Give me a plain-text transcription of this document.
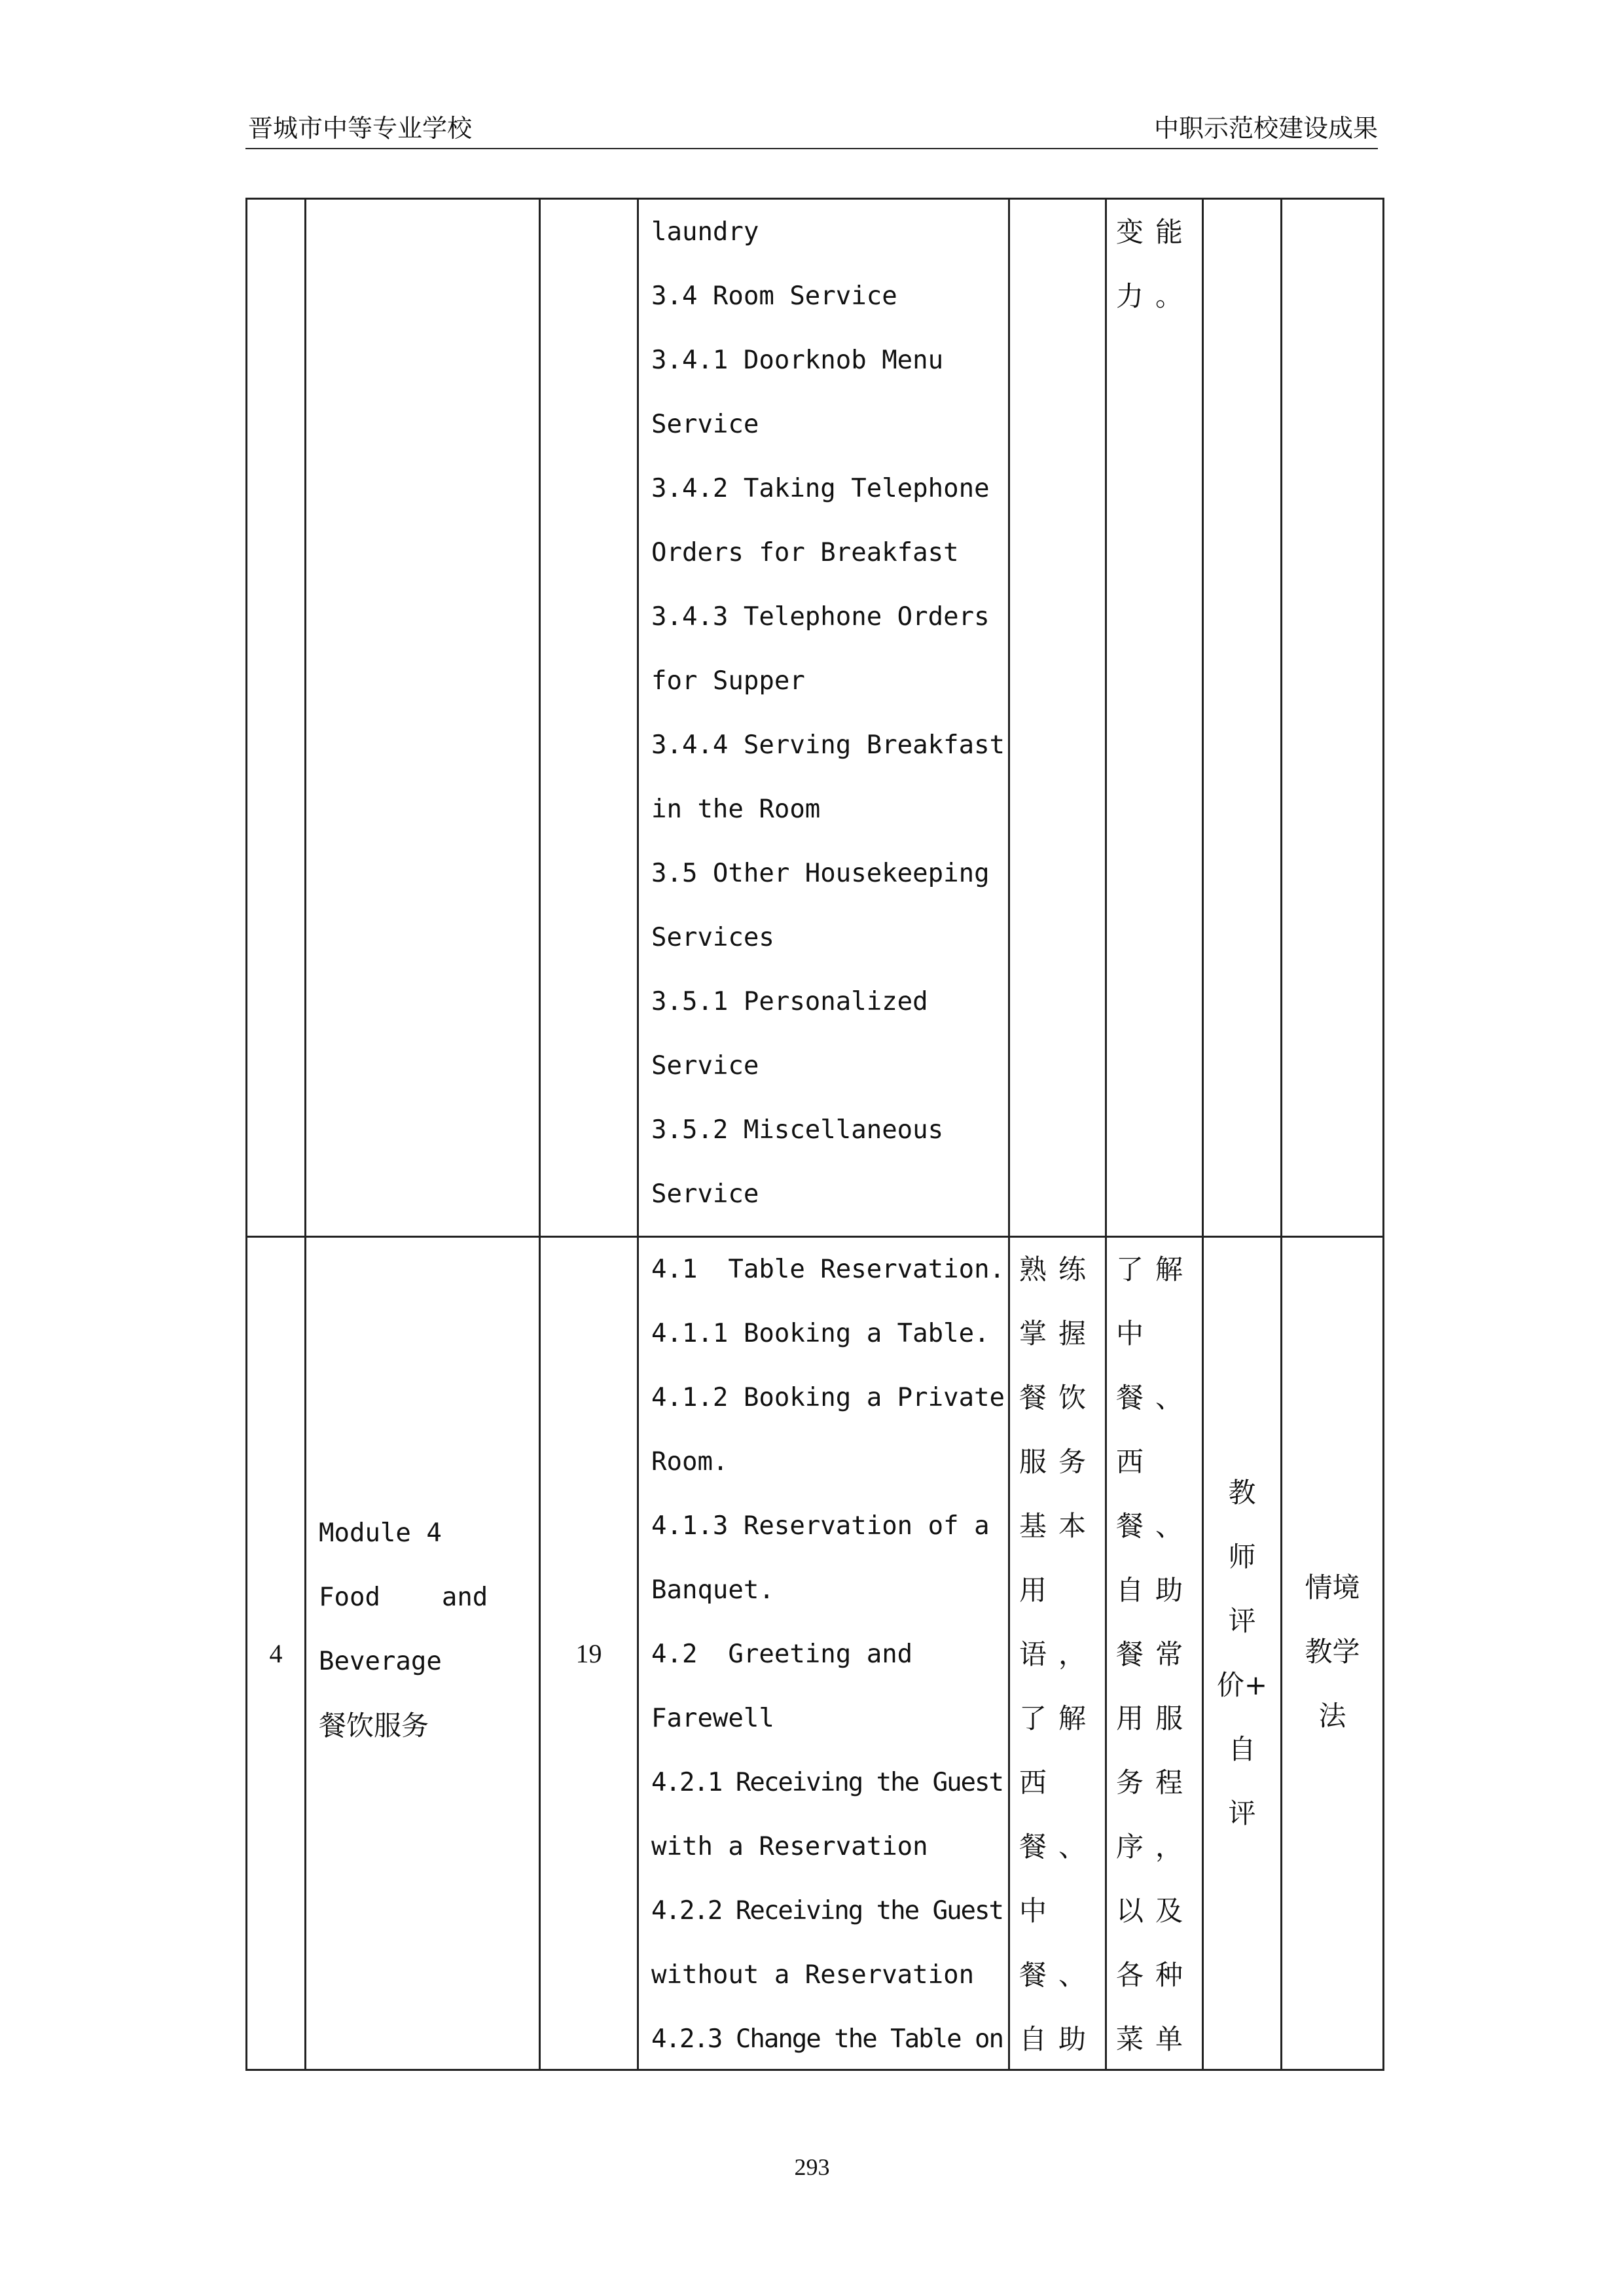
晋城市中等专业学校	中职示范校建设成果
laundry
3.4 Room Service
3.4.1 Doorknob Menu
Service
3.4.2 Taking Telephone
Orders for Breakfast
3.4.3 Telephone Orders
for Supper
3.4.4 Serving Breakfast
in the Room
3.5 Other Housekeeping
Services
3.5.1 Personalized
Service
3.5.2 Miscellaneous
Service
变能
力。
4
Module 4
Food    and
Beverage
餐饮服务
19
4.1  Table Reservation.
4.1.1 Booking a Table.
4.1.2 Booking a Private
Room.
4.1.3 Reservation of a
Banquet.
4.2  Greeting and
Farewell
4.2.1 Receiving the Guest
with a Reservation
4.2.2 Receiving the Guest
without a Reservation
4.2.3 Change the Table on
熟练
掌握
餐饮
服务
基本
用
语，
了解
西
餐、
中
餐、
自助
了解
中
餐、
西
餐、
自助
餐常
用服
务程
序，
以及
各种
菜单
教
师
评
价+
自
评
情境
教学
法
293
